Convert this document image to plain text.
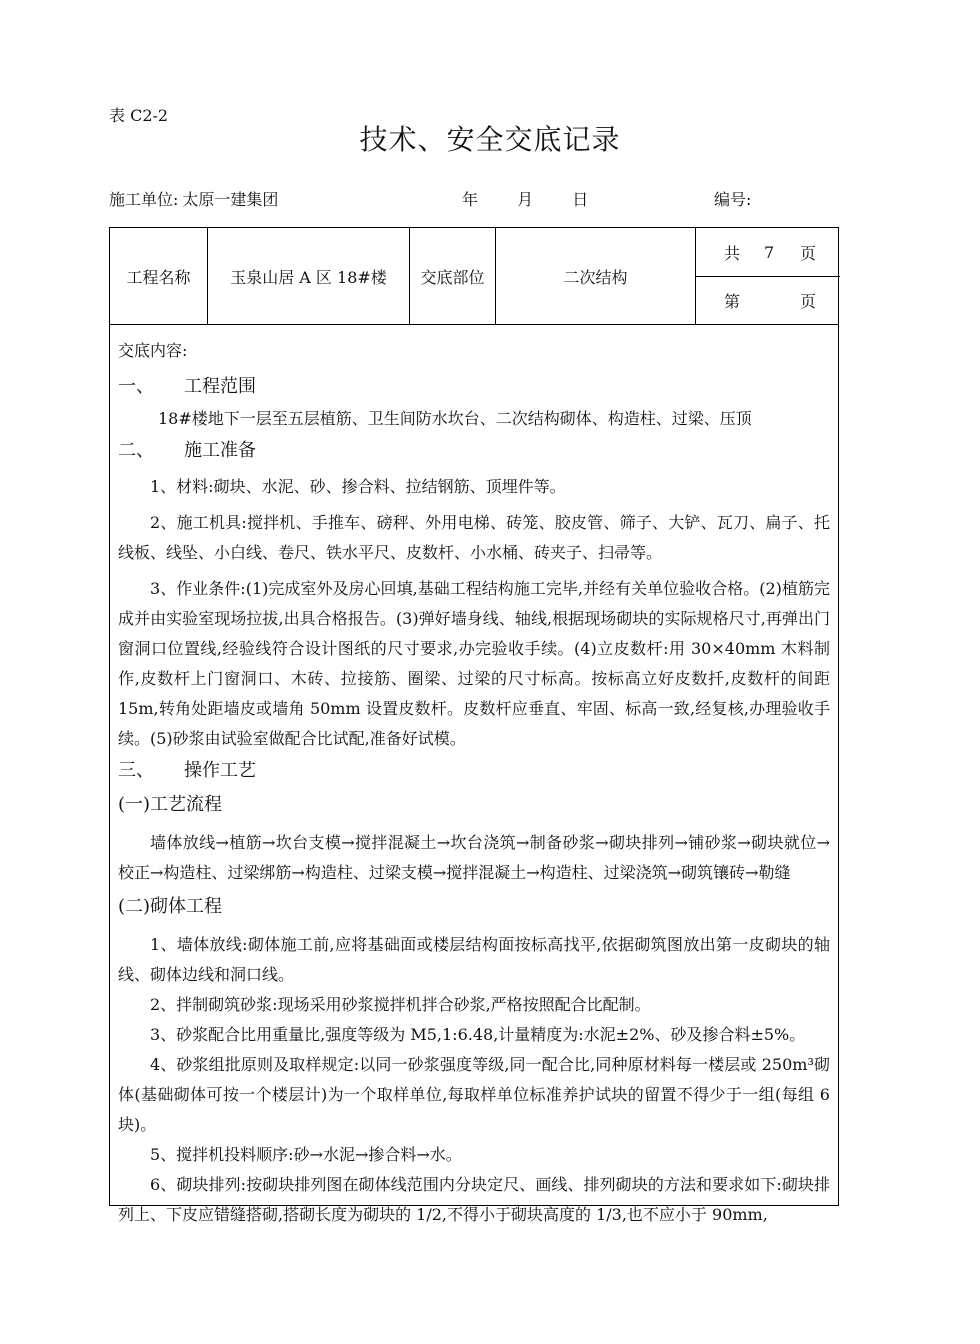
表 C2-2
技术、安全交底记录
施工单位: 太原一建集团	年 月 日	编号:
工程名称	玉泉山居 A 区 18#楼	交底部位	二次结构
共 7 页
第	页

交底内容:

一、 工程范围

18#楼地下一层至五层植筋、卫生间防水坎台、二次结构砌体、构造柱、过梁、压顶

二、 施工准备

1、材料:砌块、水泥、砂、掺合料、拉结钢筋、顶埋件等。

2、施工机具:搅拌机、手推车、磅秤、外用电梯、砖笼、胶皮管、筛子、大铲、瓦刀、扁子、托线板、线坠、小白线、卷尺、铁水平尺、皮数杆、小水桶、砖夹子、扫帚等。

3、作业条件:(1)完成室外及房心回填,基础工程结构施工完毕,并经有关单位验收合格。(2)植筋完成并由实验室现场拉拔,出具合格报告。(3)弹好墙身线、轴线,根据现场砌块的实际规格尺寸,再弹出门窗洞口位置线,经验线符合设计图纸的尺寸要求,办完验收手续。(4)立皮数杆:用 30×40mm 木料制作,皮数杆上门窗洞口、木砖、拉接筋、圈梁、过梁的尺寸标高。按标高立好皮数扦,皮数杆的间距 15m,转角处距墙皮或墙角 50mm 设置皮数杆。皮数杆应垂直、牢固、标高一致,经复核,办理验收手续。(5)砂浆由试验室做配合比试配,准备好试模。

三、 操作工艺

(一)工艺流程

墙体放线→植筋→坎台支模→搅拌混凝土→坎台浇筑→制备砂浆→砌块排列→铺砂浆→砌块就位→校正→构造柱、过梁绑筋→构造柱、过梁支模→搅拌混凝土→构造柱、过梁浇筑→砌筑镶砖→勒缝

(二)砌体工程

1、墙体放线:砌体施工前,应将基础面或楼层结构面按标高找平,依据砌筑图放出第一皮砌块的轴线、砌体边线和洞口线。

2、拌制砌筑砂浆:现场采用砂浆搅拌机拌合砂浆,严格按照配合比配制。

3、砂浆配合比用重量比,强度等级为 M5,1:6.48,计量精度为:水泥±2%、砂及掺合料±5%。

4、砂浆组批原则及取样规定:以同一砂浆强度等级,同一配合比,同种原材料每一楼层或 250m³砌体(基础砌体可按一个楼层计)为一个取样单位,每取样单位标准养护试块的留置不得少于一组(每组 6 块)。

5、搅拌机投料顺序:砂→水泥→掺合料→水。

6、砌块排列:按砌块排列图在砌体线范围内分块定尺、画线、排列砌块的方法和要求如下:砌块排列上、下皮应错缝搭砌,搭砌长度为砌块的 1/2,不得小于砌块高度的 1/3,也不应小于 90mm,
